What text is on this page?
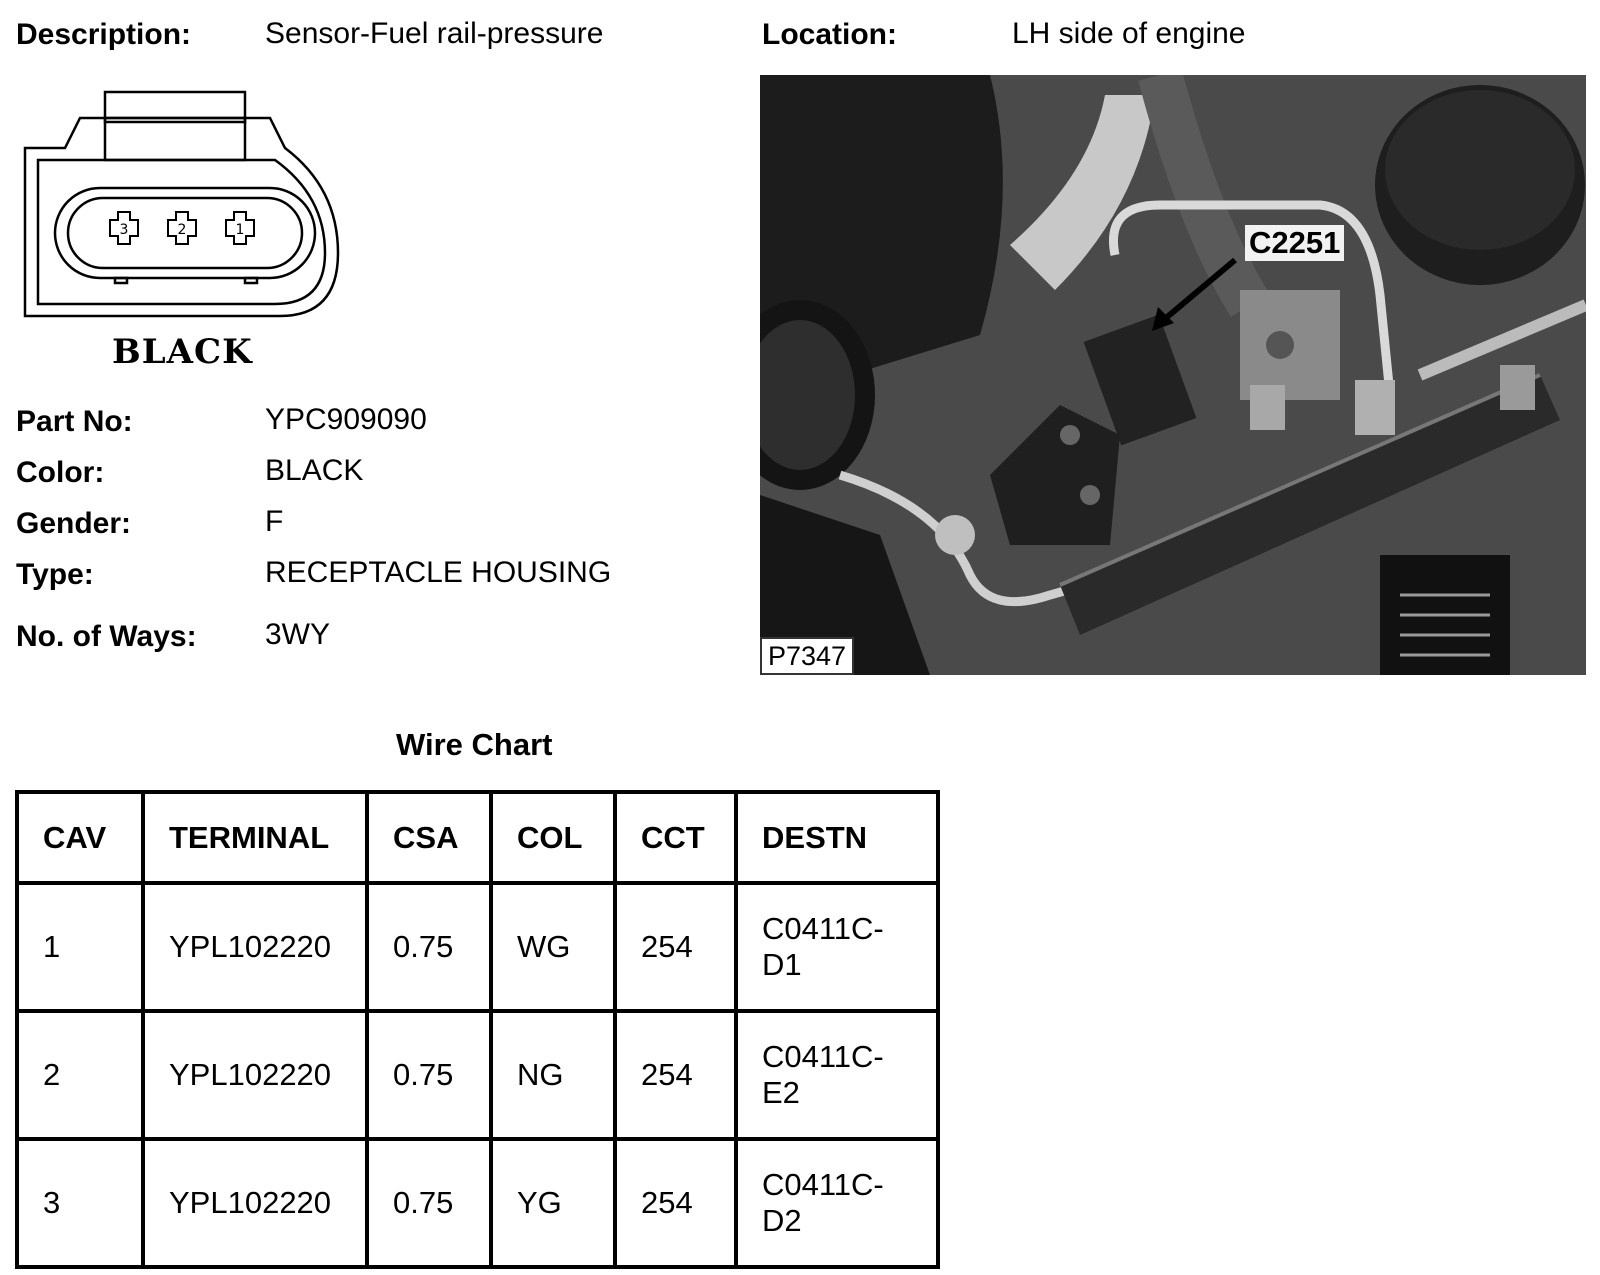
Description: Sensor-Fuel rail-pressure	Location:	LH side of engine
3	2	1
BLACK
Part No:	YPC909090
Color:	BLACK
Gender:	F
Type:	RECEPTACLE HOUSING
No. of Ways: 3WY
C2251
P7347
Wire Chart
CAV	TERMINAL	CSA	COL	CCT	DESTN
1	YPL102220	0.75	WG	254	C0411C-D1
2	YPL102220	0.75	NG	254	C0411C-E2
3	YPL102220	0.75	YG	254	C0411C-D2
